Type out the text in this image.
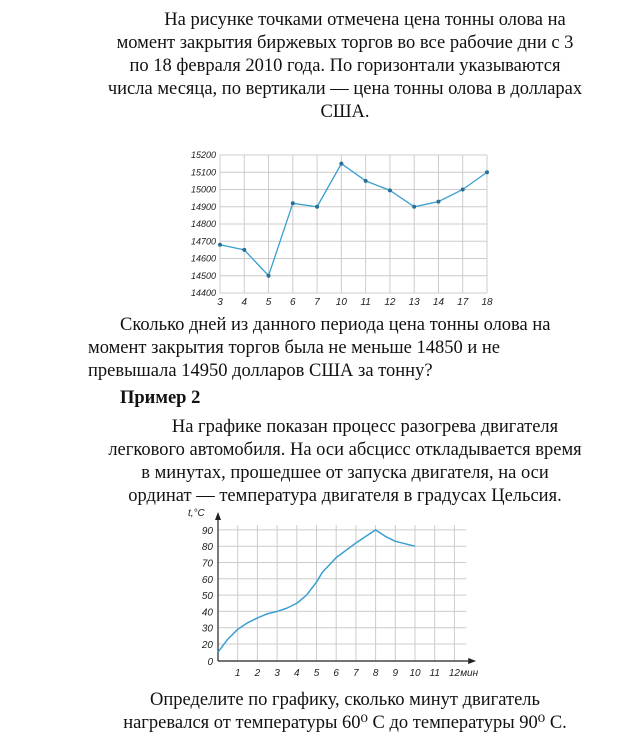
На рисунке точками отмечена цена тонны олова на
момент закрытия биржевых торгов во все рабочие дни с 3
по 18 февраля 2010 года. По горизонтали указываются
числа месяца, по вертикали — цена тонны олова в долларах
США.
15200
15100
15000
14900
14800
14700
14600
14500
14400
3 4 5 6 7 10 11 12 13 14 17 18
Сколько дней из данного периода цена тонны олова на
момент закрытия торгов была не меньше 14850 и не
превышала 14950 долларов США за тонну?
Пример 2
На графике показан процесс разогрева двигателя
легкового автомобиля. На оси абсцисс откладывается время
в минутах, прошедшее от запуска двигателя, на оси
ординат — температура двигателя в градусах Цельсия.
0
20
30
40
50
60
70
80
90
1 2 3 4 5 6 7 8 9 10 11 12
t,°C
мин
Определите по графику, сколько минут двигатель
нагревался от температуры 60⁰ С до температуры 90⁰ С.
